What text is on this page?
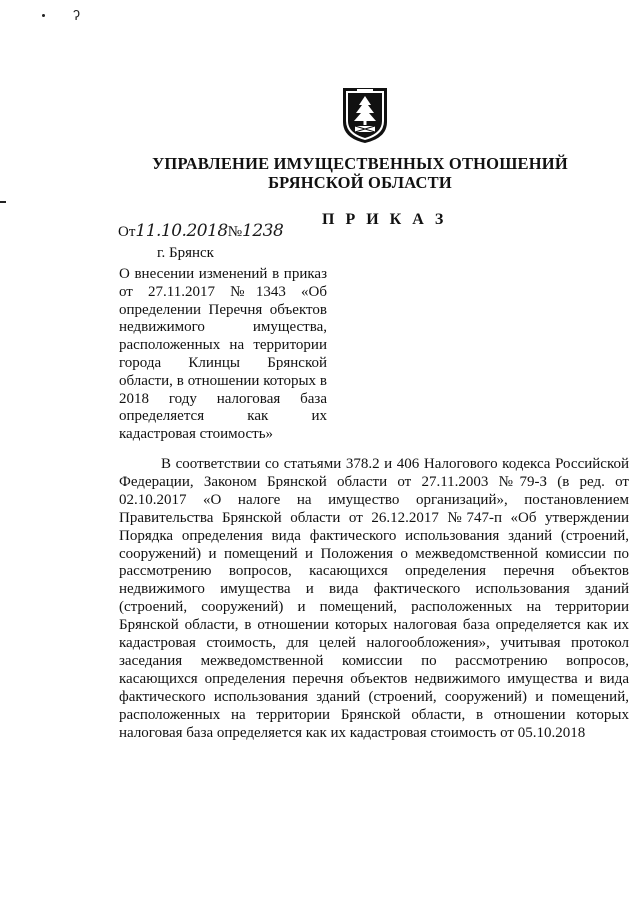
ʔ
УПРАВЛЕНИЕ ИМУЩЕСТВЕННЫХ ОТНОШЕНИЙ
БРЯНСКОЙ ОБЛАСТИ
П Р И К А З
От11.10.2018№1238
г. Брянск
О внесении изменений в приказ от 27.11.2017 №1343 «Об определении Перечня объектов недвижимого имущества, расположенных на территории города Клинцы Брянской области, в отношении которых в 2018 году налоговая база определяется как их кадастровая стоимость»
В соответствии со статьями 378.2 и 406 Налогового кодекса Российской Федерации, Законом Брянской области от 27.11.2003 №79-З (в ред. от 02.10.2017 «О налоге на имущество организаций», постановлением Правительства Брянской области от 26.12.2017 №747-п «Об утверждении Порядка определения вида фактического использования зданий (строений, сооружений) и помещений и Положения о межведомственной комиссии по рассмотрению вопросов, касающихся определения перечня объектов недвижимого имущества и вида фактического использования зданий (строений, сооружений) и помещений, расположенных на территории Брянской области, в отношении которых налоговая база определяется как их кадастровая стоимость, для целей налогообложения», учитывая протокол заседания межведомственной комиссии по рассмотрению вопросов, касающихся определения перечня объектов недвижимого имущества и вида фактического использования зданий (строений, сооружений) и помещений, расположенных на территории Брянской области, в отношении которых налоговая база определяется как их кадастровая стоимость от 05.10.2018
